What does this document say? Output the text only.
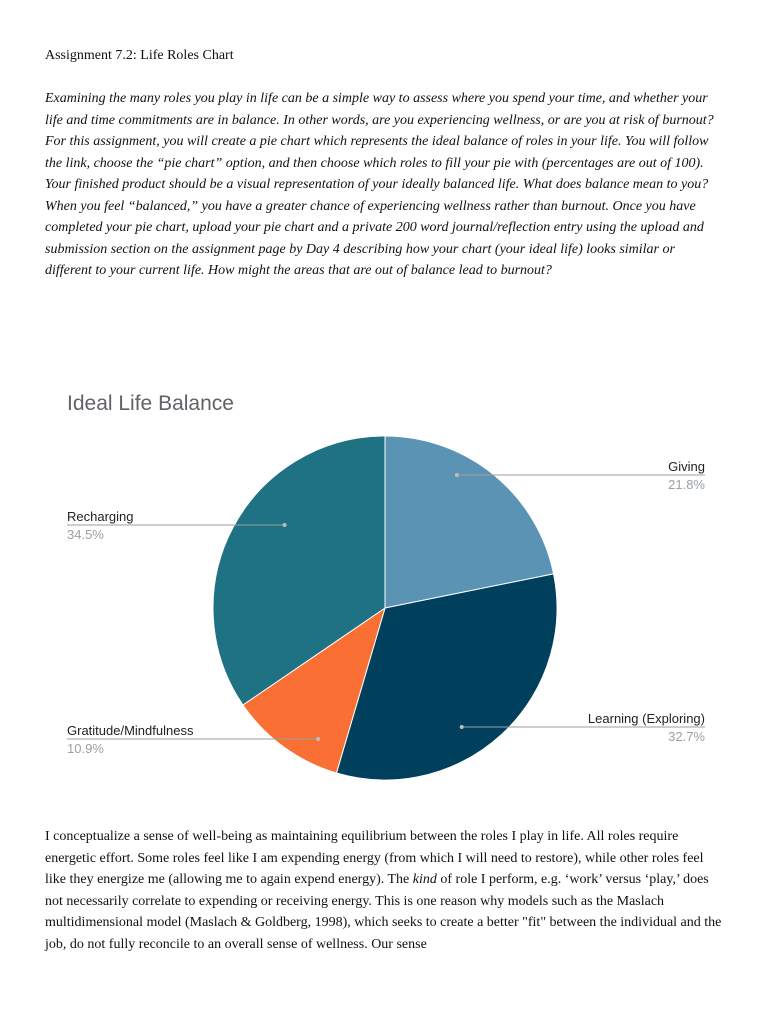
Assignment 7.2: Life Roles Chart
Examining the many roles you play in life can be a simple way to assess where you spend your time, and whether your life and time commitments are in balance. In other words, are you experiencing wellness, or are you at risk of burnout? For this assignment, you will create a pie chart which represents the ideal balance of roles in your life. You will follow the link, choose the “pie chart” option, and then choose which roles to fill your pie with (percentages are out of 100). Your finished product should be a visual representation of your ideally balanced life. What does balance mean to you? When you feel “balanced,” you have a greater chance of experiencing wellness rather than burnout. Once you have completed your pie chart, upload your pie chart and a private 200 word journal/reflection entry using the upload and submission section on the assignment page by Day 4 describing how your chart (your ideal life) looks similar or different to your current life. How might the areas that are out of balance lead to burnout?
Ideal Life Balance
Giving
21.8%
Learning (Exploring)
32.7%
Gratitude/Mindfulness
10.9%
Recharging
34.5%
I conceptualize a sense of well-being as maintaining equilibrium between the roles I play in life. All roles require energetic effort. Some roles feel like I am expending energy (from which I will need to restore), while other roles feel like they energize me (allowing me to again expend energy). The kind of role I perform, e.g. ‘work’ versus ‘play,’ does not necessarily correlate to expending or receiving energy. This is one reason why models such as the Maslach multidimensional model (Maslach & Goldberg, 1998), which seeks to create a better "fit" between the individual and the job, do not fully reconcile to an overall sense of wellness. Our sense
